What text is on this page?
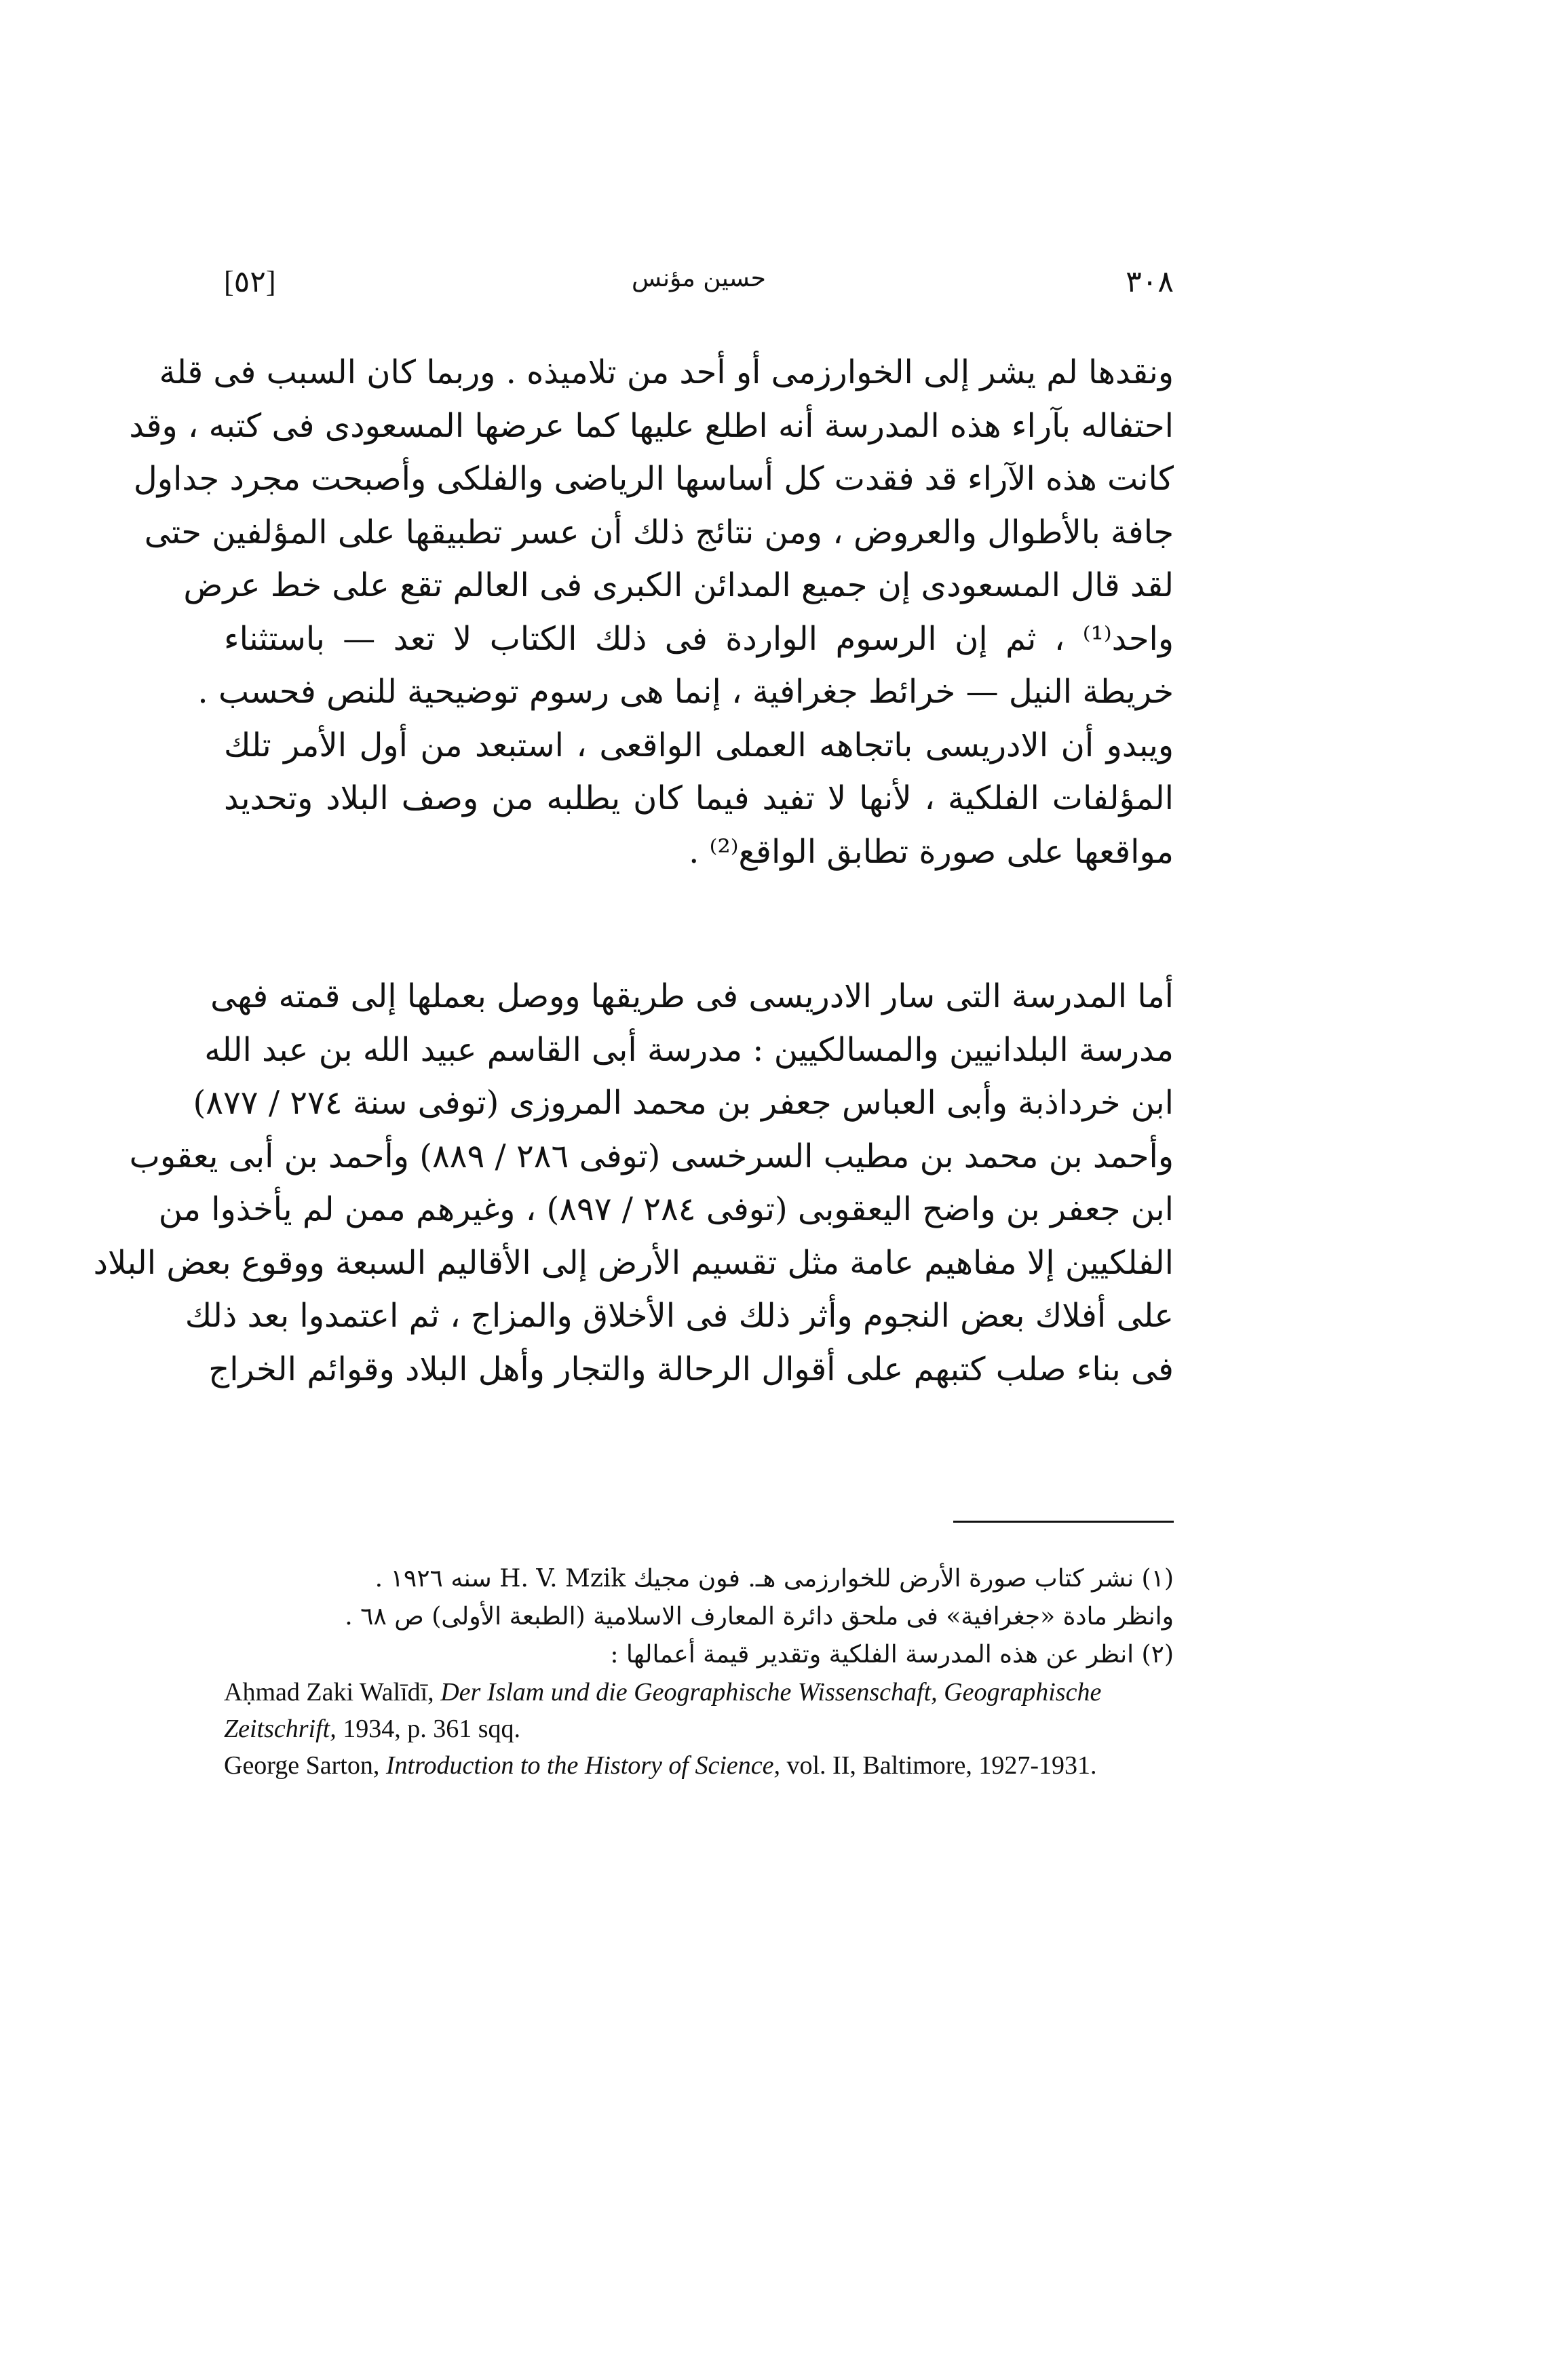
[٥٢]	حسين مؤنس	٣٠٨
ونقدها لم يشر إلى الخوارزمى أو أحد من تلاميذه . وربما كان السبب فى قلة
احتفاله بآراء هذه المدرسة أنه اطلع عليها كما عرضها المسعودى فى كتبه ، وقد
كانت هذه الآراء قد فقدت كل أساسها الرياضى والفلكى وأصبحت مجرد جداول
جافة بالأطوال والعروض ، ومن نتائج ذلك أن عسر تطبيقها على المؤلفين حتى
لقد قال المسعودى إن جميع المدائن الكبرى فى العالم تقع على خط عرض
واحد⁽¹⁾ ، ثم إن الرسوم الواردة فى ذلك الكتاب لا تعد — باستثناء
خريطة النيل — خرائط جغرافية ، إنما هى رسوم توضيحية للنص فحسب .
ويبدو أن الادريسى باتجاهه العملى الواقعى ، استبعد من أول الأمر تلك
المؤلفات الفلكية ، لأنها لا تفيد فيما كان يطلبه من وصف البلاد وتحديد
مواقعها على صورة تطابق الواقع⁽²⁾ .
أما المدرسة التى سار الادريسى فى طريقها ووصل بعملها إلى قمته فهى
مدرسة البلدانيين والمسالكيين : مدرسة أبى القاسم عبيد الله بن عبد الله
ابن خرداذبة وأبى العباس جعفر بن محمد المروزى (توفى سنة ٢٧٤ / ٨٧٧)
وأحمد بن محمد بن مطيب السرخسى (توفى ٢٨٦ / ٨٨٩) وأحمد بن أبى يعقوب
ابن جعفر بن واضح اليعقوبى (توفى ٢٨٤ / ٨٩٧) ، وغيرهم ممن لم يأخذوا من
الفلكيين إلا مفاهيم عامة مثل تقسيم الأرض إلى الأقاليم السبعة ووقوع بعض البلاد
على أفلاك بعض النجوم وأثر ذلك فى الأخلاق والمزاج ، ثم اعتمدوا بعد ذلك
فى بناء صلب كتبهم على أقوال الرحالة والتجار وأهل البلاد وقوائم الخراج
(١) نشر كتاب صورة الأرض للخوارزمى هـ. فون مجيك H. V. Mzik سنه ١٩٢٦ .
وانظر مادة «جغرافية» فى ملحق دائرة المعارف الاسلامية (الطبعة الأولى) ص ٦٨ .
(٢) انظر عن هذه المدرسة الفلكية وتقدير قيمة أعمالها :
Aḥmad Zaki Walīdī, Der Islam und die Geographische Wissenschaft, Geographische Zeitschrift, 1934, p. 361 sqq.
George Sarton, Introduction to the History of Science, vol. II, Baltimore, 1927-1931.
